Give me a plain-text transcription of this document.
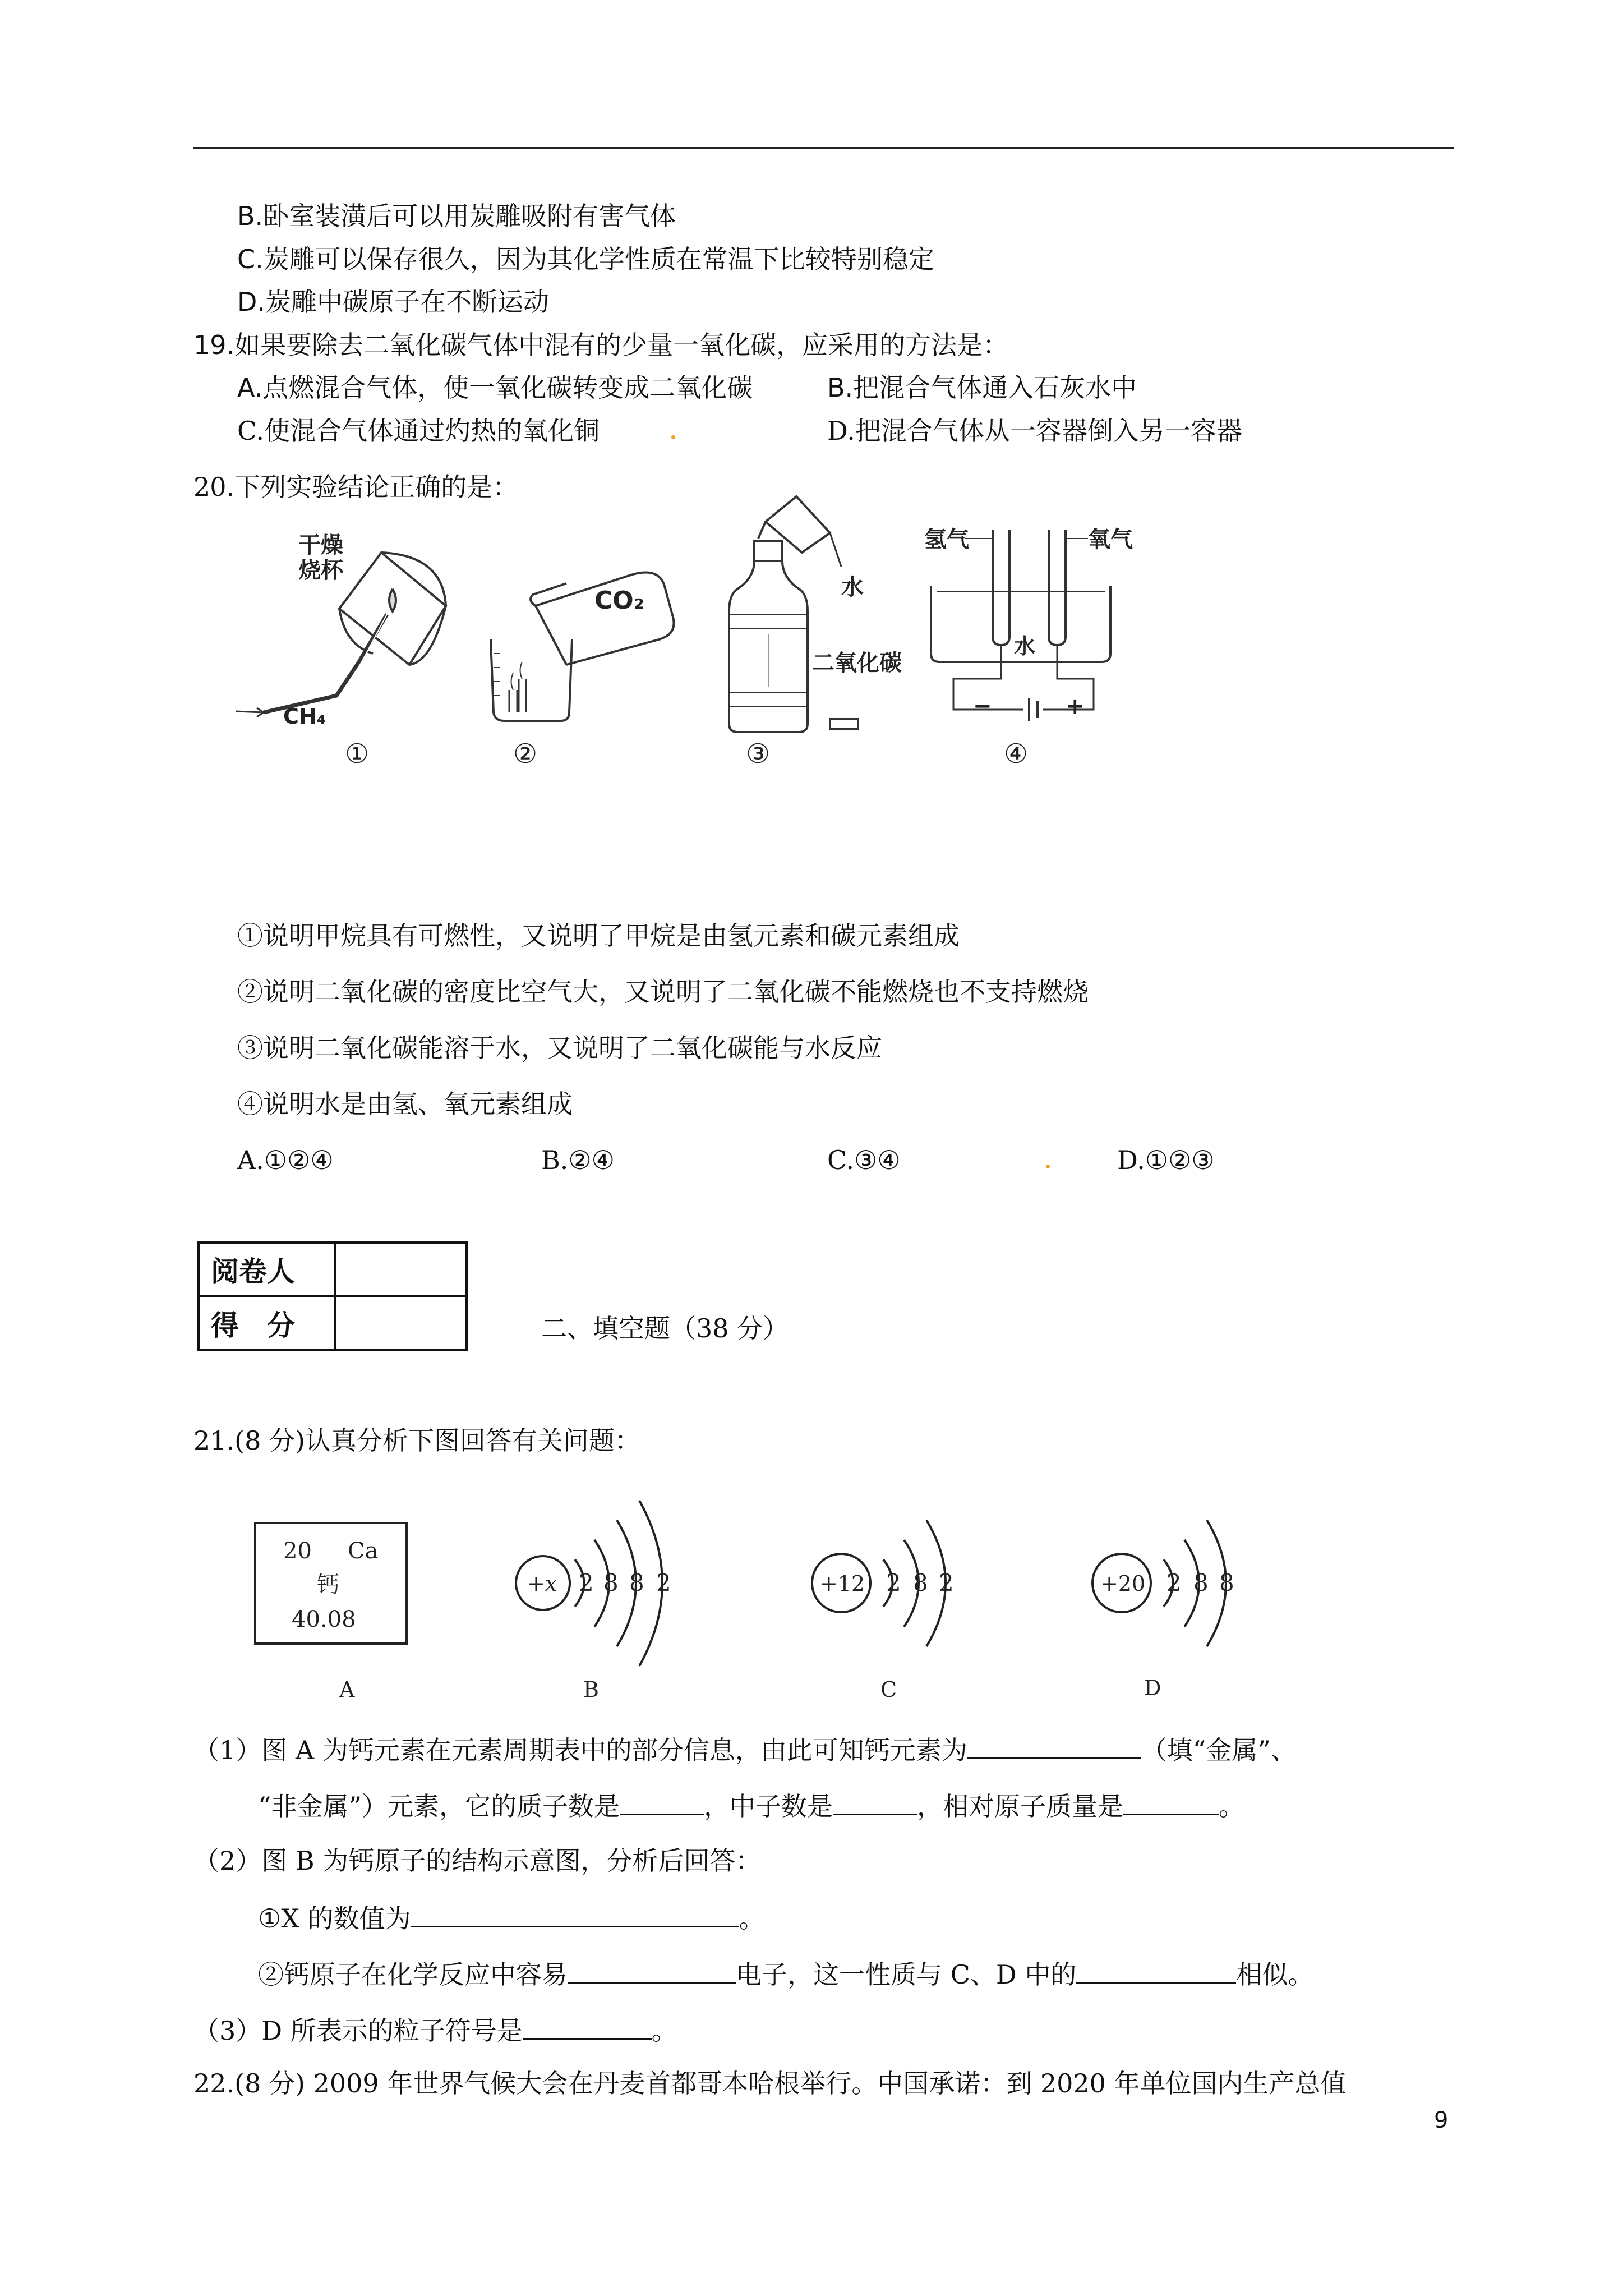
B.卧室装潢后可以用炭雕吸附有害气体
C.炭雕可以保存很久，因为其化学性质在常温下比较特别稳定
D.炭雕中碳原子在不断运动
19.如果要除去二氧化碳气体中混有的少量一氧化碳，应采用的方法是：
A.点燃混合气体，使一氧化碳转变成二氧化碳	B.把混合气体通入石灰水中
C.使混合气体通过灼热的氧化铜	D.把混合气体从一容器倒入另一容器
20.下列实验结论正确的是：
干燥
烧杯
CH₄
①
CO₂
②
水
二氧化碳
③
氢气	氧气
水
−	+
④
①说明甲烷具有可燃性，又说明了甲烷是由氢元素和碳元素组成
②说明二氧化碳的密度比空气大，又说明了二氧化碳不能燃烧也不支持燃烧
③说明二氧化碳能溶于水，又说明了二氧化碳能与水反应
④说明水是由氢、氧元素组成
A.①②④	B.②④	C.③④	D.①②③
阅卷人	
得　分		二、填空题（38 分）
21.(8 分)认真分析下图回答有关问题：
20 Ca
钙
40.08
A
+x 2 8 8 2
B
+12 2 8 2
C
+20 2 8 8
D
（1）图 A 为钙元素在元素周期表中的部分信息，由此可知钙元素为	（填“金属”、
“非金属”）元素，它的质子数是	，中子数是	，相对原子质量是	。
（2）图 B 为钙原子的结构示意图，分析后回答：
①X 的数值为	。
②钙原子在化学反应中容易	电子，这一性质与 C、D 中的	相似。
（3）D 所表示的粒子符号是	。
22.(8 分) 2009 年世界气候大会在丹麦首都哥本哈根举行。中国承诺：到 2020 年单位国内生产总值
9
